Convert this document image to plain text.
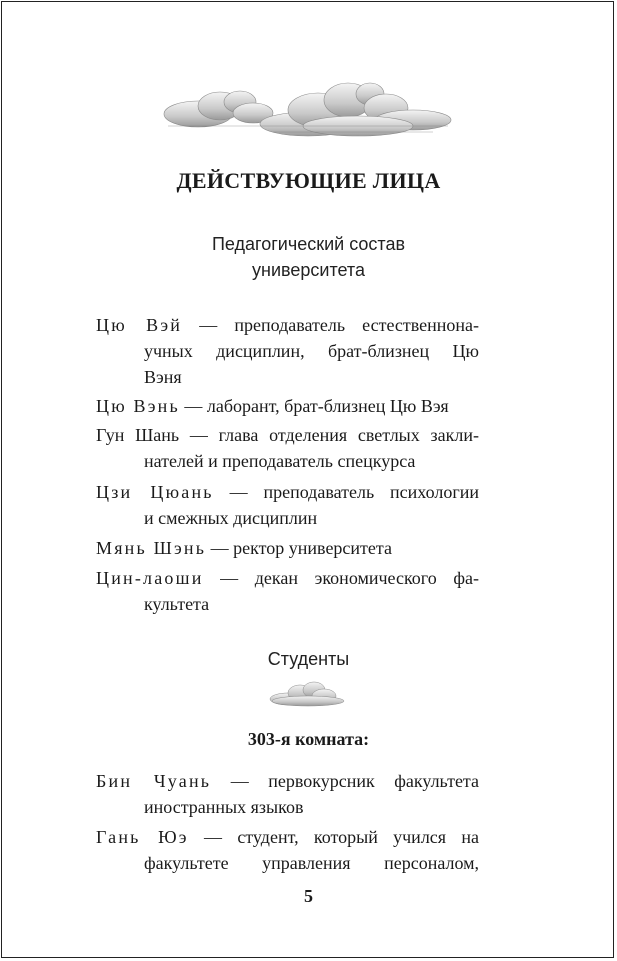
ДЕЙСТВУЮЩИЕ ЛИЦА
Педагогический состав
университета
Цю Вэй — преподаватель естественнона-
учных дисциплин, брат-близнец Цю
Вэня
Цю Вэнь — лаборант, брат-близнец Цю Вэя
Гун Шань — глава отделения светлых закли-
нателей и преподаватель спецкурса
Цзи Цюань — преподаватель психологии
и смежных дисциплин
Мянь Шэнь — ректор университета
Цин-лаоши — декан экономического фа-
культета
Студенты
303-я комната:
Бин Чуань — первокурсник факультета
иностранных языков
Гань Юэ — студент, который учился на
факультете управления персоналом,
5
